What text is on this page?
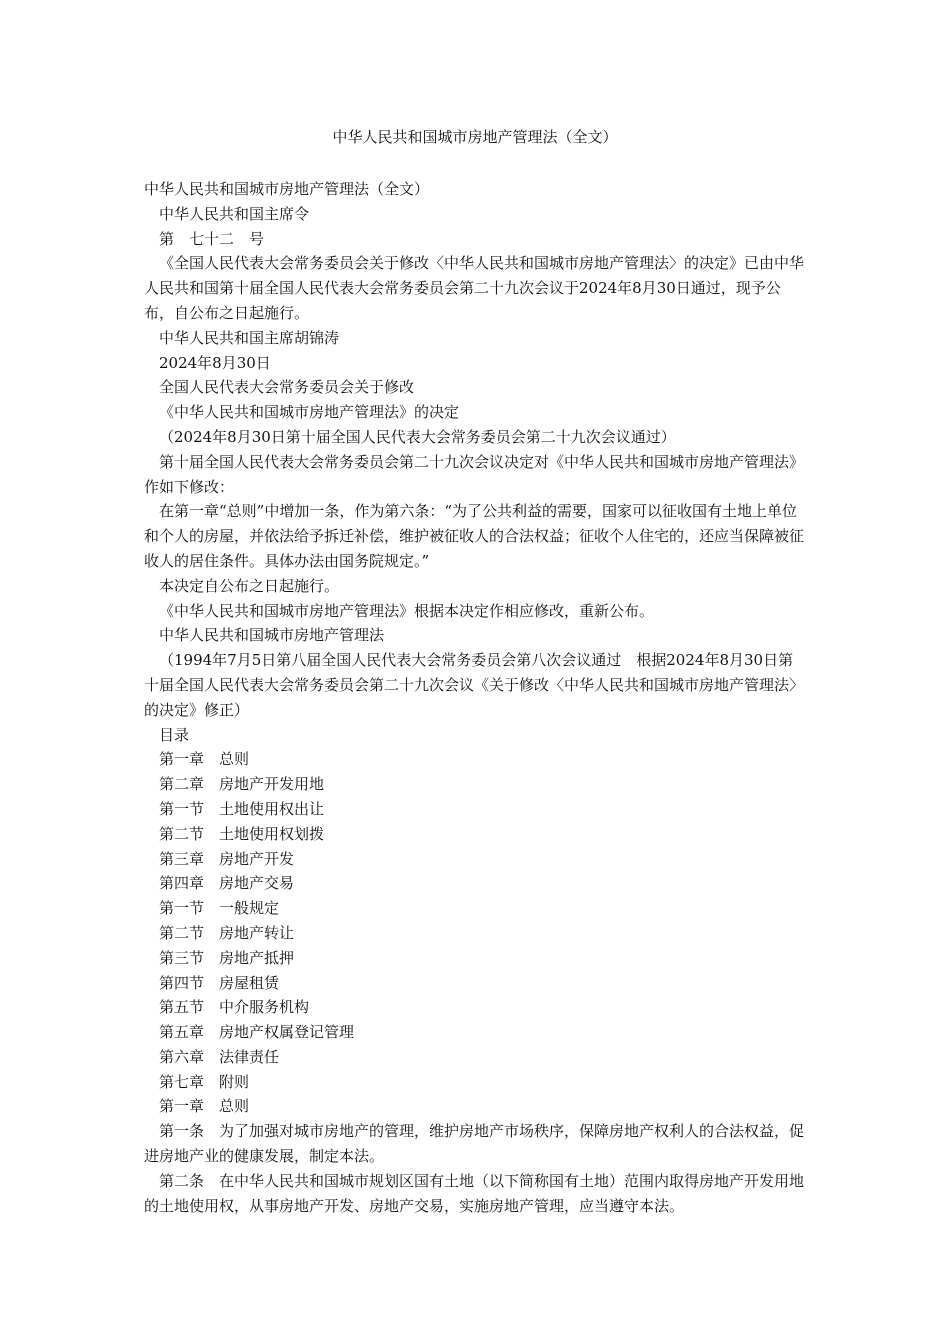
中华人民共和国城市房地产管理法（全文）

中华人民共和国城市房地产管理法（全文）

中华人民共和国主席令

第　七十二　号

《全国人民代表大会常务委员会关于修改〈中华人民共和国城市房地产管理法〉的决定》已由中华人民共和国第十届全国人民代表大会常务委员会第二十九次会议于2024年8月30日通过，现予公布，自公布之日起施行。

中华人民共和国主席胡锦涛

2024年8月30日

全国人民代表大会常务委员会关于修改

《中华人民共和国城市房地产管理法》的决定

（2024年8月30日第十届全国人民代表大会常务委员会第二十九次会议通过）

第十届全国人民代表大会常务委员会第二十九次会议决定对《中华人民共和国城市房地产管理法》作如下修改：

在第一章“总则”中增加一条，作为第六条：“为了公共利益的需要，国家可以征收国有土地上单位和个人的房屋，并依法给予拆迁补偿，维护被征收人的合法权益；征收个人住宅的，还应当保障被征收人的居住条件。具体办法由国务院规定。”

本决定自公布之日起施行。

《中华人民共和国城市房地产管理法》根据本决定作相应修改，重新公布。

中华人民共和国城市房地产管理法

（1994年7月5日第八届全国人民代表大会常务委员会第八次会议通过　根据2024年8月30日第十届全国人民代表大会常务委员会第二十九次会议《关于修改〈中华人民共和国城市房地产管理法〉的决定》修正）

目录

第一章　总则

第二章　房地产开发用地

第一节　土地使用权出让

第二节　土地使用权划拨

第三章　房地产开发

第四章　房地产交易

第一节　一般规定

第二节　房地产转让

第三节　房地产抵押

第四节　房屋租赁

第五节　中介服务机构

第五章　房地产权属登记管理

第六章　法律责任

第七章　附则

第一章　总则

第一条　为了加强对城市房地产的管理，维护房地产市场秩序，保障房地产权利人的合法权益，促进房地产业的健康发展，制定本法。

第二条　在中华人民共和国城市规划区国有土地（以下简称国有土地）范围内取得房地产开发用地的土地使用权，从事房地产开发、房地产交易，实施房地产管理，应当遵守本法。
